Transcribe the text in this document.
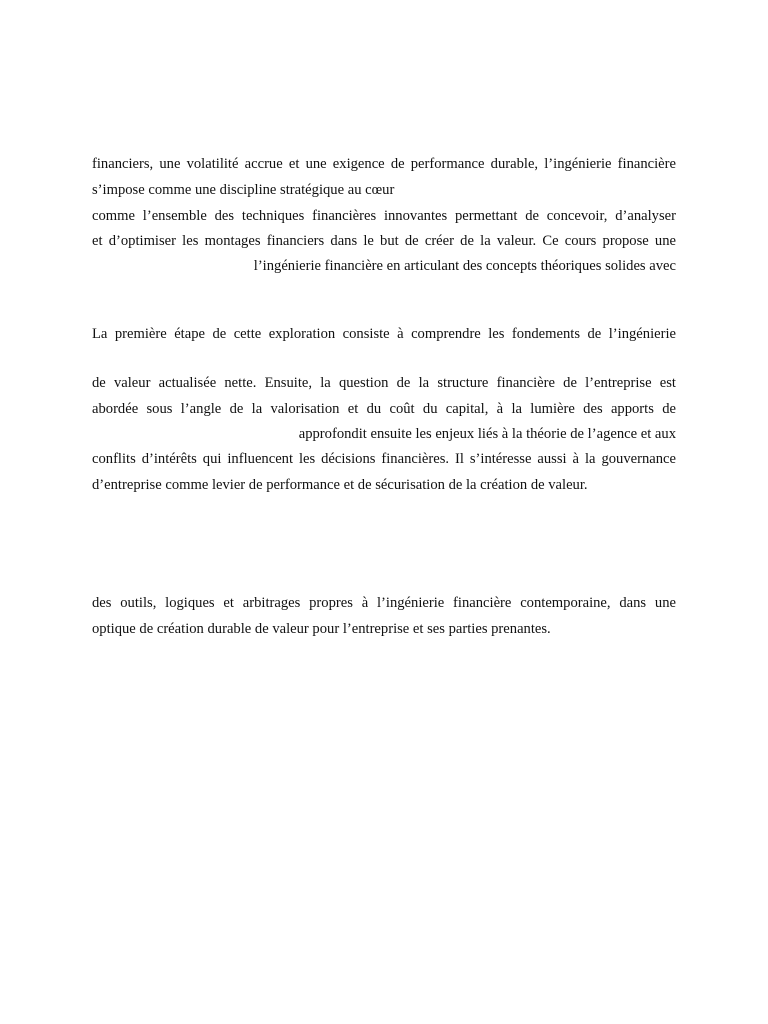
financiers, une volatilité accrue et une exigence de performance durable, l’ingénierie financière
s’impose comme une discipline stratégique au cœur
comme l’ensemble des techniques financières innovantes permettant de concevoir, d’analyser
et d’optimiser les montages financiers dans le but de créer de la valeur. Ce cours propose une
l’ingénierie financière en articulant des concepts théoriques solides avec
La première étape de cette exploration consiste à comprendre les fondements de l’ingénierie
de valeur actualisée nette. Ensuite, la question de la structure financière de l’entreprise est
abordée sous l’angle de la valorisation et du coût du capital, à la lumière des apports de
approfondit ensuite les enjeux liés à la théorie de l’agence et aux
conflits d’intérêts qui influencent les décisions financières. Il s’intéresse aussi à la gouvernance
d’entreprise comme levier de performance et de sécurisation de la création de valeur.
des outils, logiques et arbitrages propres à l’ingénierie financière contemporaine, dans une
optique de création durable de valeur pour l’entreprise et ses parties prenantes.
